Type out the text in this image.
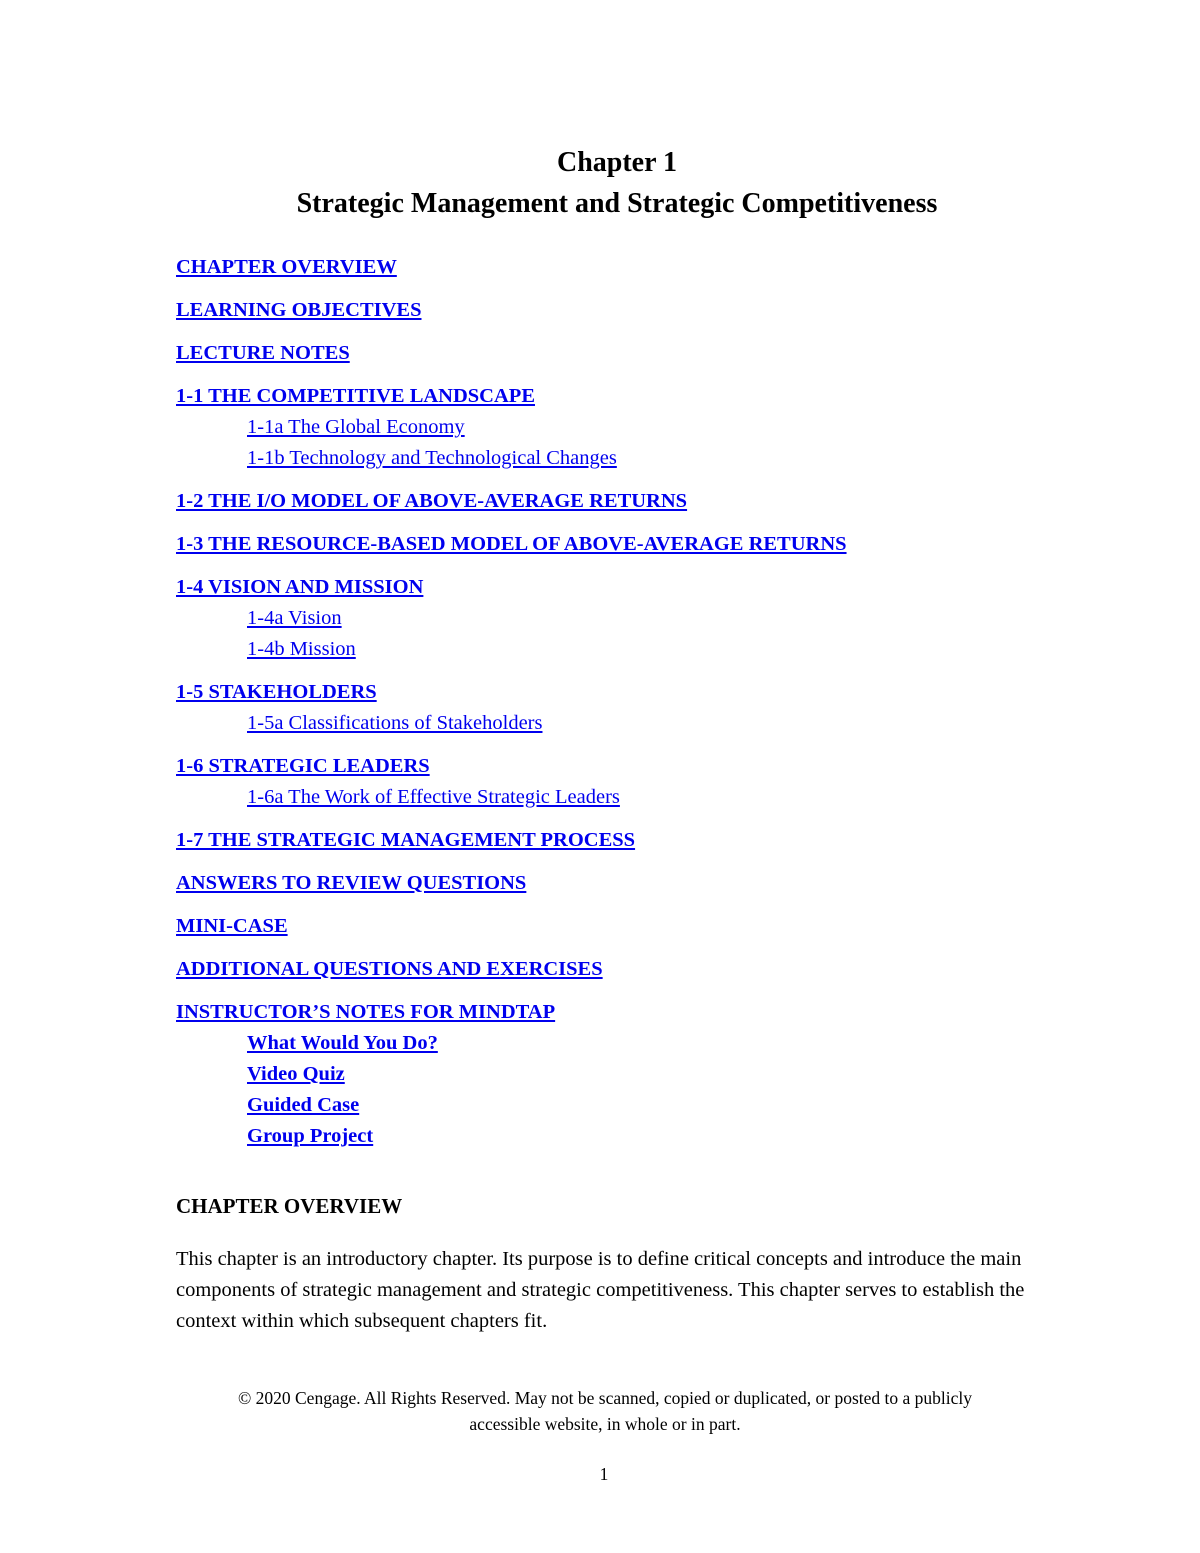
Chapter 1
Strategic Management and Strategic Competitiveness
CHAPTER OVERVIEW
LEARNING OBJECTIVES
LECTURE NOTES
1-1 THE COMPETITIVE LANDSCAPE
1-1a The Global Economy
1-1b Technology and Technological Changes
1-2 THE I/O MODEL OF ABOVE-AVERAGE RETURNS
1-3 THE RESOURCE-BASED MODEL OF ABOVE-AVERAGE RETURNS
1-4 VISION AND MISSION
1-4a Vision
1-4b Mission
1-5 STAKEHOLDERS
1-5a Classifications of Stakeholders
1-6 STRATEGIC LEADERS
1-6a The Work of Effective Strategic Leaders
1-7 THE STRATEGIC MANAGEMENT PROCESS
ANSWERS TO REVIEW QUESTIONS
MINI-CASE
ADDITIONAL QUESTIONS AND EXERCISES
INSTRUCTOR’S NOTES FOR MINDTAP
What Would You Do?
Video Quiz
Guided Case
Group Project
CHAPTER OVERVIEW

This chapter is an introductory chapter. Its purpose is to define critical concepts and introduce the main components of strategic management and strategic competitiveness. This chapter serves to establish the context within which subsequent chapters fit.

© 2020 Cengage. All Rights Reserved. May not be scanned, copied or duplicated, or posted to a publicly
accessible website, in whole or in part.
1
